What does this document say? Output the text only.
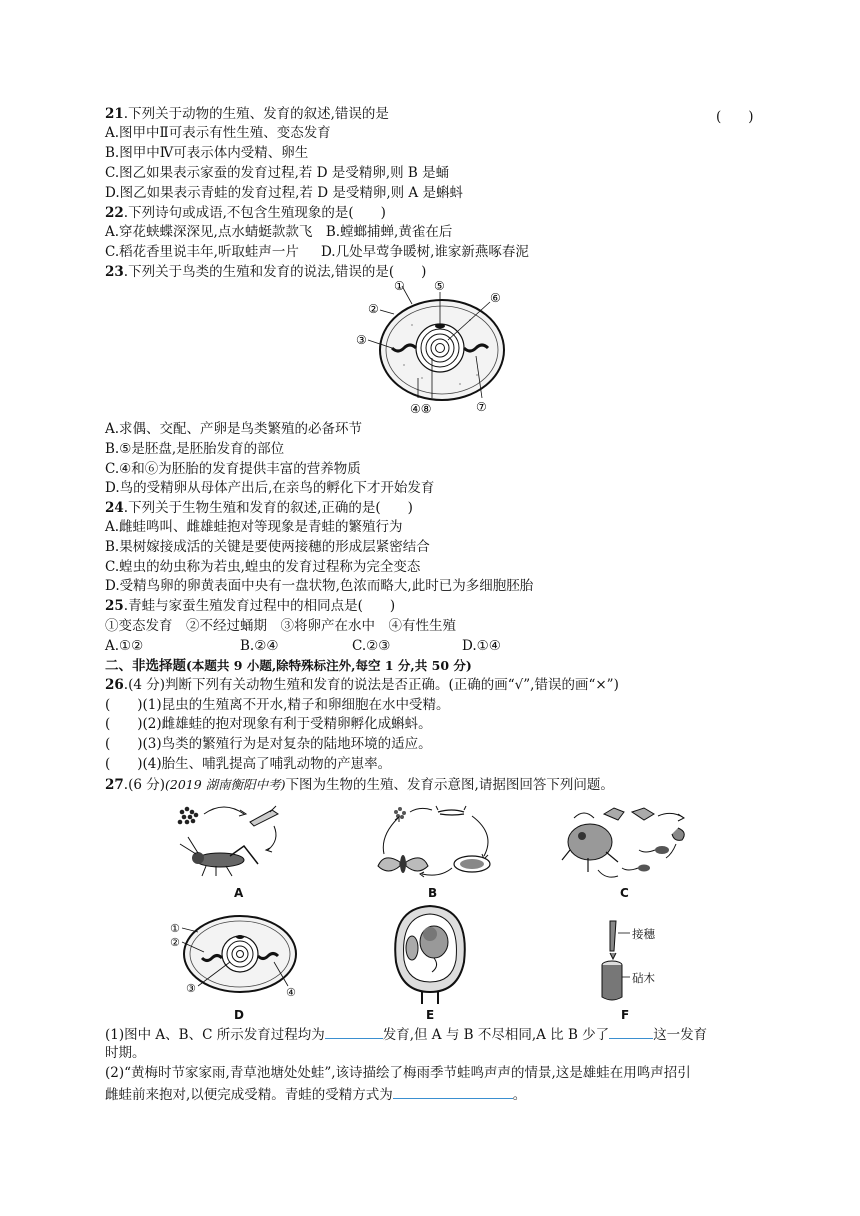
21.下列关于动物的生殖、发育的叙述,错误的是	(　　)
A.图甲中Ⅱ可表示有性生殖、变态发育
B.图甲中Ⅳ可表示体内受精、卵生
C.图乙如果表示家蚕的发育过程,若 D 是受精卵,则 B 是蛹
D.图乙如果表示青蛙的发育过程,若 D 是受精卵,则 A 是蝌蚪
22.下列诗句或成语,不包含生殖现象的是(　　)
A.穿花蛱蝶深深见,点水蜻蜓款款飞　 B.螳螂捕蝉,黄雀在后
C.稻花香里说丰年,听取蛙声一片 D.几处早莺争暖树,谁家新燕啄春泥
23.下列关于鸟类的生殖和发育的说法,错误的是(　　)
①
②
③
⑤
⑥
④⑧	⑦
A.求偶、交配、产卵是鸟类繁殖的必备环节
B.⑤是胚盘,是胚胎发育的部位
C.④和⑥为胚胎的发育提供丰富的营养物质
D.鸟的受精卵从母体产出后,在亲鸟的孵化下才开始发育
24.下列关于生物生殖和发育的叙述,正确的是(　　)
A.雌蛙鸣叫、雌雄蛙抱对等现象是青蛙的繁殖行为
B.果树嫁接成活的关键是要使两接穗的形成层紧密结合
C.蝗虫的幼虫称为若虫,蝗虫的发育过程称为完全变态
D.受精鸟卵的卵黄表面中央有一盘状物,色浓而略大,此时已为多细胞胚胎
25.青蛙与家蚕生殖发育过程中的相同点是(　　)
①变态发育　②不经过蛹期　③将卵产在水中　④有性生殖
A.①②	B.②④	C.②③	D.①④
二、非选择题(本题共 9 小题,除特殊标注外,每空 1 分,共 50 分)
26.(4 分)判断下列有关动物生殖和发育的说法是否正确。(正确的画“√”,错误的画“×”)
(　　)(1)昆虫的生殖离不开水,精子和卵细胞在水中受精。
(　　)(2)雌雄蛙的抱对现象有利于受精卵孵化成蝌蚪。
(　　)(3)鸟类的繁殖行为是对复杂的陆地环境的适应。
(　　)(4)胎生、哺乳提高了哺乳动物的产崽率。
27.(6 分)(2019 湖南衡阳中考)下图为生物的生殖、发育示意图,请据图回答下列问题。
A	B	C
①
②
③	④
D	E
接穗
砧木
F
(1)图中 A、B、C 所示发育过程均为	发育,但 A 与 B 不尽相同,A 比 B 少了	这一发育
时期。
(2)“黄梅时节家家雨,青草池塘处处蛙”,该诗描绘了梅雨季节蛙鸣声声的情景,这是雄蛙在用鸣声招引
雌蛙前来抱对,以便完成受精。青蛙的受精方式为	。
